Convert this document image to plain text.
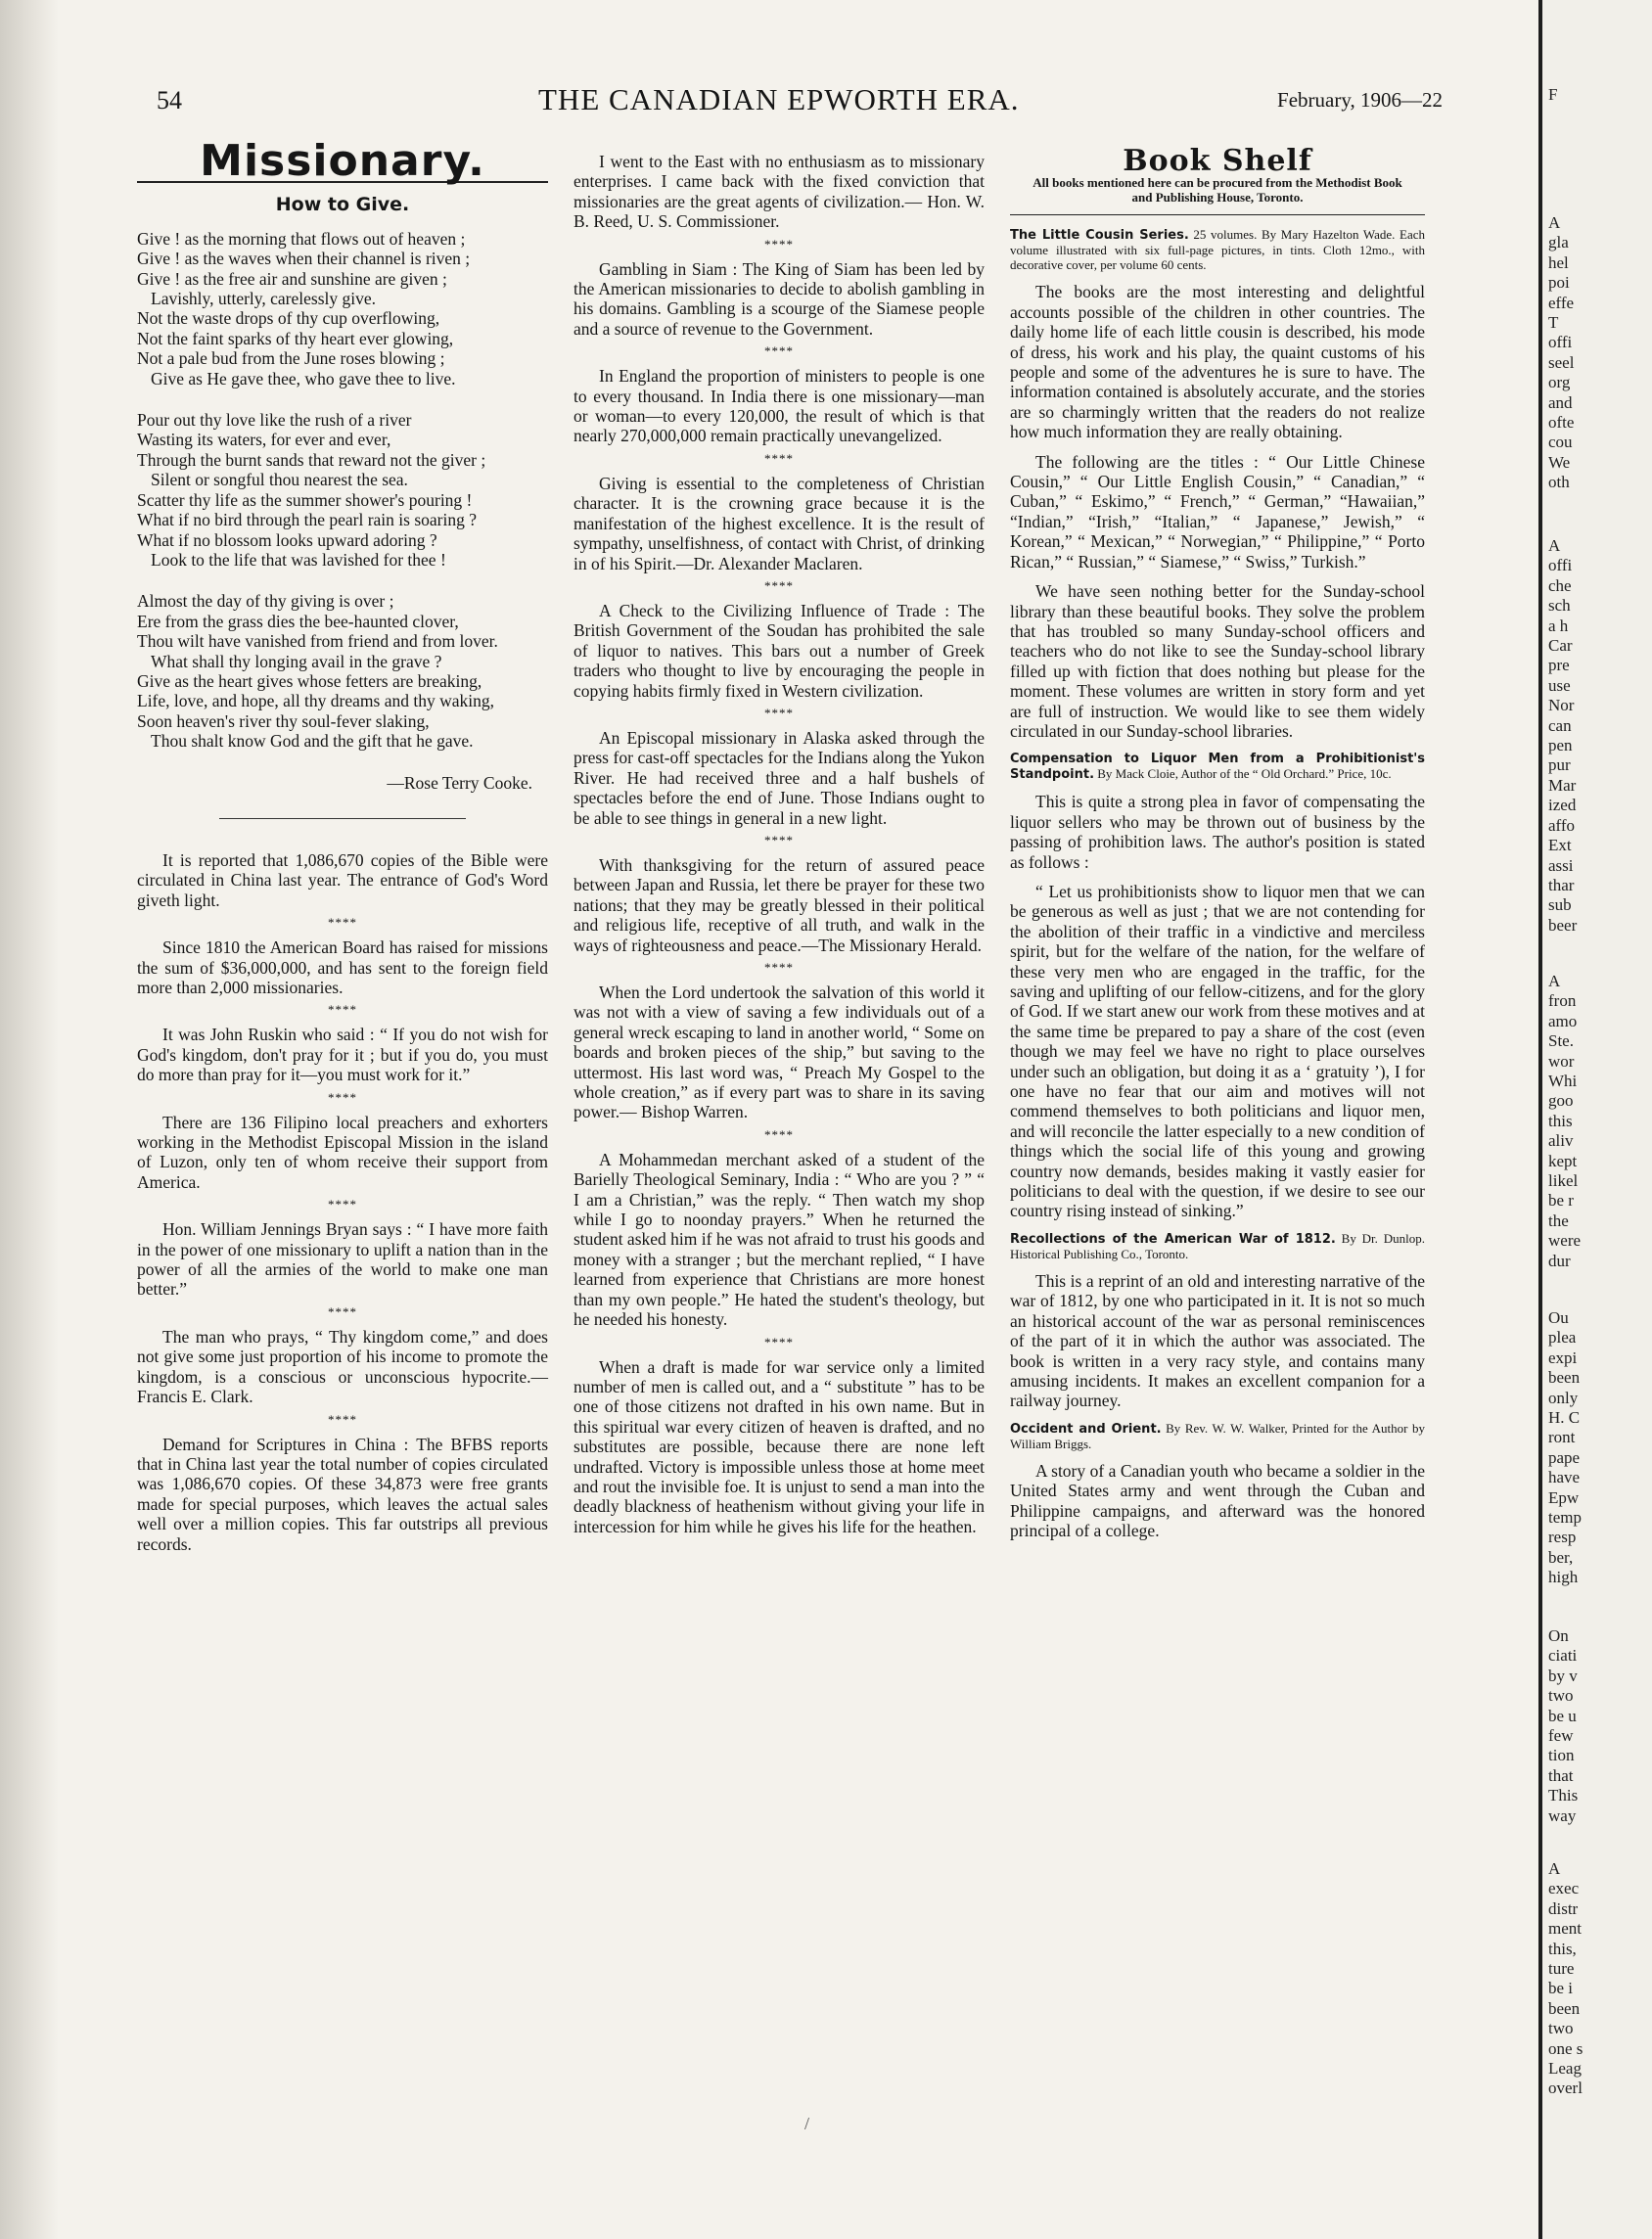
54	THE CANADIAN EPWORTH ERA.	February, 1906—22
Missionary.
How to Give.
Give ! as the morning that flows out of heaven ;
Give ! as the waves when their channel is riven ;
Give ! as the free air and sunshine are given ;
Lavishly, utterly, carelessly give.
Not the waste drops of thy cup overflowing,
Not the faint sparks of thy heart ever glowing,
Not a pale bud from the June roses blowing ;
Give as He gave thee, who gave thee to live.
Pour out thy love like the rush of a river
Wasting its waters, for ever and ever,
Through the burnt sands that reward not the giver ;
Silent or songful thou nearest the sea.
Scatter thy life as the summer shower's pouring !
What if no bird through the pearl rain is soaring ?
What if no blossom looks upward adoring ?
Look to the life that was lavished for thee !
Almost the day of thy giving is over ;
Ere from the grass dies the bee-haunted clover,
Thou wilt have vanished from friend and from lover.
What shall thy longing avail in the grave ?
Give as the heart gives whose fetters are breaking,
Life, love, and hope, all thy dreams and thy waking,
Soon heaven's river thy soul-fever slaking,
Thou shalt know God and the gift that he gave.
—Rose Terry Cooke.

It is reported that 1,086,670 copies of the Bible were circulated in China last year. The entrance of God's Word giveth light.

****

Since 1810 the American Board has raised for missions the sum of $36,000,000, and has sent to the foreign field more than 2,000 missionaries.

****

It was John Ruskin who said : “ If you do not wish for God's kingdom, don't pray for it ; but if you do, you must do more than pray for it—you must work for it.”

****

There are 136 Filipino local preachers and exhorters working in the Methodist Episcopal Mission in the island of Luzon, only ten of whom receive their support from America.

****

Hon. William Jennings Bryan says : “ I have more faith in the power of one missionary to uplift a nation than in the power of all the armies of the world to make one man better.”

****

The man who prays, “ Thy kingdom come,” and does not give some just proportion of his income to promote the kingdom, is a conscious or unconscious hypocrite.—Francis E. Clark.

****

Demand for Scriptures in China : The BFBS reports that in China last year the total number of copies circulated was 1,086,670 copies. Of these 34,873 were free grants made for special purposes, which leaves the actual sales well over a million copies. This far outstrips all previous records.

I went to the East with no enthusiasm as to missionary enterprises. I came back with the fixed conviction that missionaries are the great agents of civilization.— Hon. W. B. Reed, U. S. Commissioner.

****

Gambling in Siam : The King of Siam has been led by the American missionaries to decide to abolish gambling in his domains. Gambling is a scourge of the Siamese people and a source of revenue to the Government.

****

In England the proportion of ministers to people is one to every thousand. In India there is one missionary—man or woman—to every 120,000, the result of which is that nearly 270,000,000 remain practically unevangelized.

****

Giving is essential to the completeness of Christian character. It is the crowning grace because it is the manifestation of the highest excellence. It is the result of sympathy, unselfishness, of contact with Christ, of drinking in of his Spirit.—Dr. Alexander Maclaren.

****

A Check to the Civilizing Influence of Trade : The British Government of the Soudan has prohibited the sale of liquor to natives. This bars out a number of Greek traders who thought to live by encouraging the people in copying habits firmly fixed in Western civilization.

****

An Episcopal missionary in Alaska asked through the press for cast-off spectacles for the Indians along the Yukon River. He had received three and a half bushels of spectacles before the end of June. Those Indians ought to be able to see things in general in a new light.

****

With thanksgiving for the return of assured peace between Japan and Russia, let there be prayer for these two nations; that they may be greatly blessed in their political and religious life, receptive of all truth, and walk in the ways of righteousness and peace.—The Missionary Herald.

****

When the Lord undertook the salvation of this world it was not with a view of saving a few individuals out of a general wreck escaping to land in another world, “ Some on boards and broken pieces of the ship,” but saving to the uttermost. His last word was, “ Preach My Gospel to the whole creation,” as if every part was to share in its saving power.— Bishop Warren.

****

A Mohammedan merchant asked of a student of the Barielly Theological Seminary, India : “ Who are you ? ” “ I am a Christian,” was the reply. “ Then watch my shop while I go to noonday prayers.” When he returned the student asked him if he was not afraid to trust his goods and money with a stranger ; but the merchant replied, “ I have learned from experience that Christians are more honest than my own people.” He hated the student's theology, but he needed his honesty.

****

When a draft is made for war service only a limited number of men is called out, and a “ substitute ” has to be one of those citizens not drafted in his own name. But in this spiritual war every citizen of heaven is drafted, and no substitutes are possible, because there are none left undrafted. Victory is impossible unless those at home meet and rout the invisible foe. It is unjust to send a man into the deadly blackness of heathenism without giving your life in intercession for him while he gives his life for the heathen.

Book Shelf
All books mentioned here can be procured from the Methodist Book and Publishing House, Toronto.
The Little Cousin Series. 25 volumes. By Mary Hazelton Wade. Each volume illustrated with six full-page pictures, in tints. Cloth 12mo., with decorative cover, per volume 60 cents.

The books are the most interesting and delightful accounts possible of the children in other countries. The daily home life of each little cousin is described, his mode of dress, his work and his play, the quaint customs of his people and some of the adventures he is sure to have. The information contained is absolutely accurate, and the stories are so charmingly written that the readers do not realize how much information they are really obtaining.

The following are the titles : “ Our Little Chinese Cousin,” “ Our Little English Cousin,” “ Canadian,” “ Cuban,” “ Eskimo,” “ French,” “ German,” “Hawaiian,” “Indian,” “Irish,” “Italian,” “ Japanese,” Jewish,” “ Korean,” “ Mexican,” “ Norwegian,” “ Philippine,” “ Porto Rican,” “ Russian,” “ Siamese,” “ Swiss,” Turkish.”

We have seen nothing better for the Sunday-school library than these beautiful books. They solve the problem that has troubled so many Sunday-school officers and teachers who do not like to see the Sunday-school library filled up with fiction that does nothing but please for the moment. These volumes are written in story form and yet are full of instruction. We would like to see them widely circulated in our Sunday-school libraries.

Compensation to Liquor Men from a Prohibitionist's Standpoint. By Mack Cloie, Author of the “ Old Orchard.” Price, 10c.

This is quite a strong plea in favor of compensating the liquor sellers who may be thrown out of business by the passing of prohibition laws. The author's position is stated as follows :

“ Let us prohibitionists show to liquor men that we can be generous as well as just ; that we are not contending for the abolition of their traffic in a vindictive and merciless spirit, but for the welfare of the nation, for the welfare of these very men who are engaged in the traffic, for the saving and uplifting of our fellow-citizens, and for the glory of God. If we start anew our work from these motives and at the same time be prepared to pay a share of the cost (even though we may feel we have no right to place ourselves under such an obligation, but doing it as a ‘ gratuity ’), I for one have no fear that our aim and motives will not commend themselves to both politicians and liquor men, and will reconcile the latter especially to a new condition of things which the social life of this young and growing country now demands, besides making it vastly easier for politicians to deal with the question, if we desire to see our country rising instead of sinking.”

Recollections of the American War of 1812. By Dr. Dunlop. Historical Publishing Co., Toronto.

This is a reprint of an old and interesting narrative of the war of 1812, by one who participated in it. It is not so much an historical account of the war as personal reminiscences of the part of it in which the author was associated. The book is written in a very racy style, and contains many amusing incidents. It makes an excellent companion for a railway journey.

Occident and Orient. By Rev. W. W. Walker, Printed for the Author by William Briggs.

A story of a Canadian youth who became a soldier in the United States army and went through the Cuban and Philippine campaigns, and afterward was the honored principal of a college.

F
A
gla
hel
poi
effe
T
offi
seel
org
and
ofte
cou
We
oth
A
offi
che
sch
a h
Car
pre
use
Nor
can
pen
pur
Mar
ized
affo
Ext
assi
thar
sub
beer
A
fron
amo
Ste.
wor
Whi
goo
this
aliv
kept
likel
be r
the
were
dur
Ou
plea
expi
been
only
H. C
ront
pape
have
Epw
temp
resp
ber,
high
On
ciati
by v
two
be u
few
tion
that
This
way
A
exec
distr
ment
this,
ture
be i
been
two
one s
Leag
overl
/
